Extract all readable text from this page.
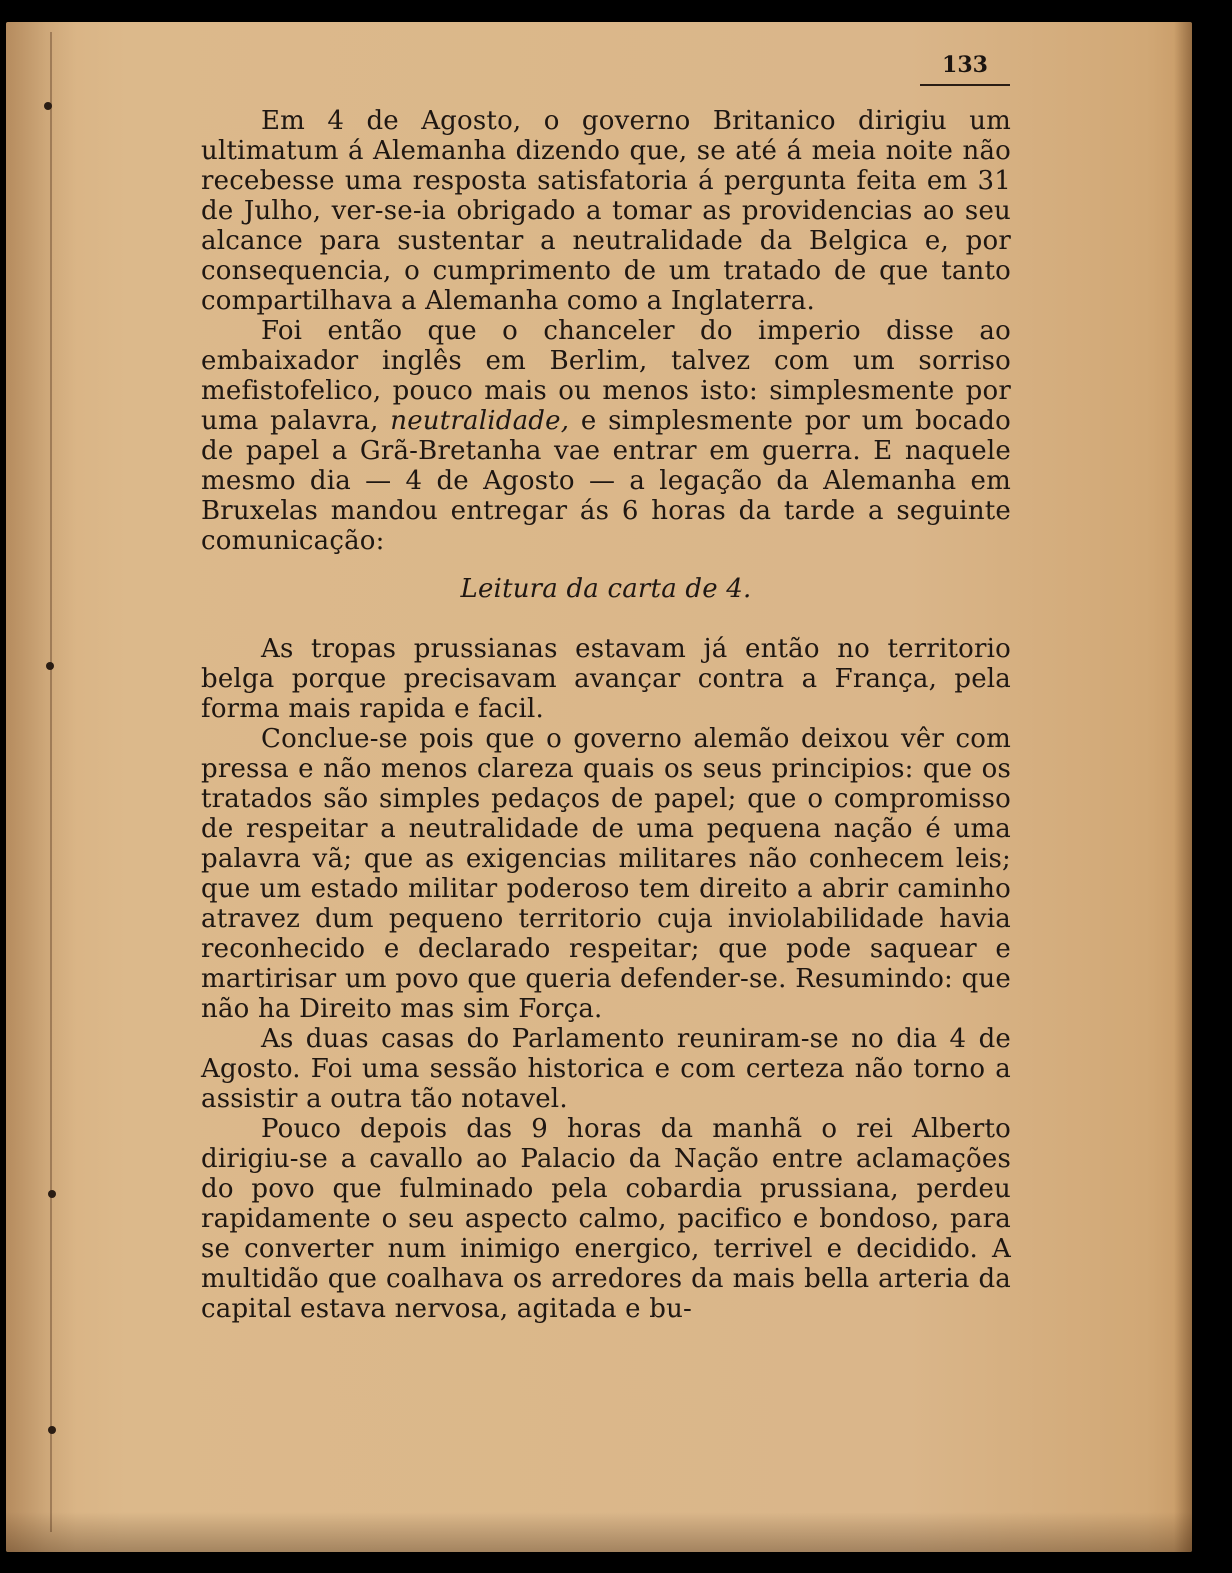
133

Em 4 de Agosto, o governo Britanico dirigiu um ultimatum á Alemanha dizendo que, se até á meia noite não recebesse uma resposta satisfatoria á pergunta feita em 31 de Julho, ver-se-ia obrigado a tomar as providencias ao seu alcance para sustentar a neutralidade da Belgica e, por consequencia, o cumprimento de um tratado de que tanto compartilhava a Alemanha como a Inglaterra.

Foi então que o chanceler do imperio disse ao embaixador inglês em Berlim, talvez com um sorriso mefistofelico, pouco mais ou menos isto: simplesmente por uma palavra, neutralidade, e simplesmente por um bocado de papel a Grã-Bretanha vae entrar em guerra. E naquele mesmo dia — 4 de Agosto — a legação da Alemanha em Bruxelas mandou entregar ás 6 horas da tarde a seguinte comunicação:

Leitura da carta de 4.

As tropas prussianas estavam já então no territorio belga porque precisavam avançar contra a França, pela forma mais rapida e facil.

Conclue-se pois que o governo alemão deixou vêr com pressa e não menos clareza quais os seus principios: que os tratados são simples pedaços de papel; que o compromisso de respeitar a neutralidade de uma pequena nação é uma palavra vã; que as exigencias militares não conhecem leis; que um estado militar poderoso tem direito a abrir caminho atravez dum pequeno territorio cuja inviolabilidade havia reconhecido e declarado respeitar; que pode saquear e martirisar um povo que queria defender-se. Resumindo: que não ha Direito mas sim Força.

As duas casas do Parlamento reuniram-se no dia 4 de Agosto. Foi uma sessão historica e com certeza não torno a assistir a outra tão notavel.

Pouco depois das 9 horas da manhã o rei Alberto dirigiu-se a cavallo ao Palacio da Nação entre aclamações do povo que fulminado pela cobardia prussiana, perdeu rapidamente o seu aspecto calmo, pacifico e bondoso, para se converter num inimigo energico, terrivel e decidido. A multidão que coalhava os arredores da mais bella arteria da capital estava nervosa, agitada e bu-
